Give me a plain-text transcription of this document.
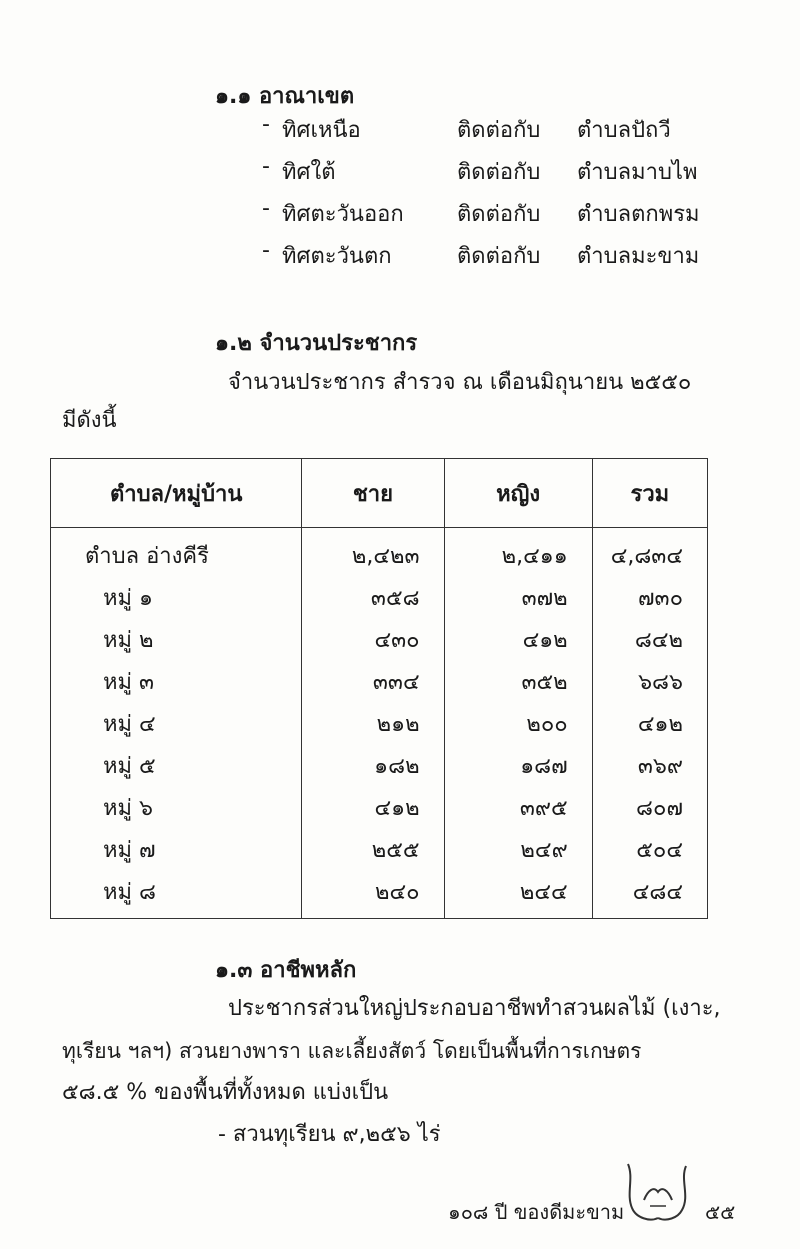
๑.๑ อาณาเขต
- ทิศเหนือ	ติดต่อกับ ตำบลปัถวี
- ทิศใต้	ติดต่อกับ ตำบลมาบไพ
- ทิศตะวันออก ติดต่อกับ ตำบลตกพรม
- ทิศตะวันตก	ติดต่อกับ ตำบลมะขาม
๑.๒ จำนวนประชากร
จำนวนประชากร สำรวจ ณ เดือนมิถุนายน ๒๕๕๐
มีดังนี้
ตำบล/หมู่บ้าน	ชาย	หญิง	รวม
ตำบล อ่างคีรี	๒,๔๒๓	๒,๔๑๑	๔,๘๓๔
หมู่ ๑	๓๕๘	๓๗๒	๗๓๐
หมู่ ๒	๔๓๐	๔๑๒	๘๔๒
หมู่ ๓	๓๓๔	๓๕๒	๖๘๖
หมู่ ๔	๒๑๒	๒๐๐	๔๑๒
หมู่ ๕	๑๘๒	๑๘๗	๓๖๙
หมู่ ๖	๔๑๒	๓๙๕	๘๐๗
หมู่ ๗	๒๕๕	๒๔๙	๕๐๔
หมู่ ๘	๒๔๐	๒๔๔	๔๘๔
๑.๓ อาชีพหลัก
ประชากรส่วนใหญ่ประกอบอาชีพทำสวนผลไม้ (เงาะ,
ทุเรียน ฯลฯ) สวนยางพารา และเลี้ยงสัตว์ โดยเป็นพื้นที่การเกษตร
๕๘.๕ % ของพื้นที่ทั้งหมด แบ่งเป็น
- สวนทุเรียน ๙,๒๕๖ ไร่
๑๐๘ ปี ของดีมะขาม	๕๕
